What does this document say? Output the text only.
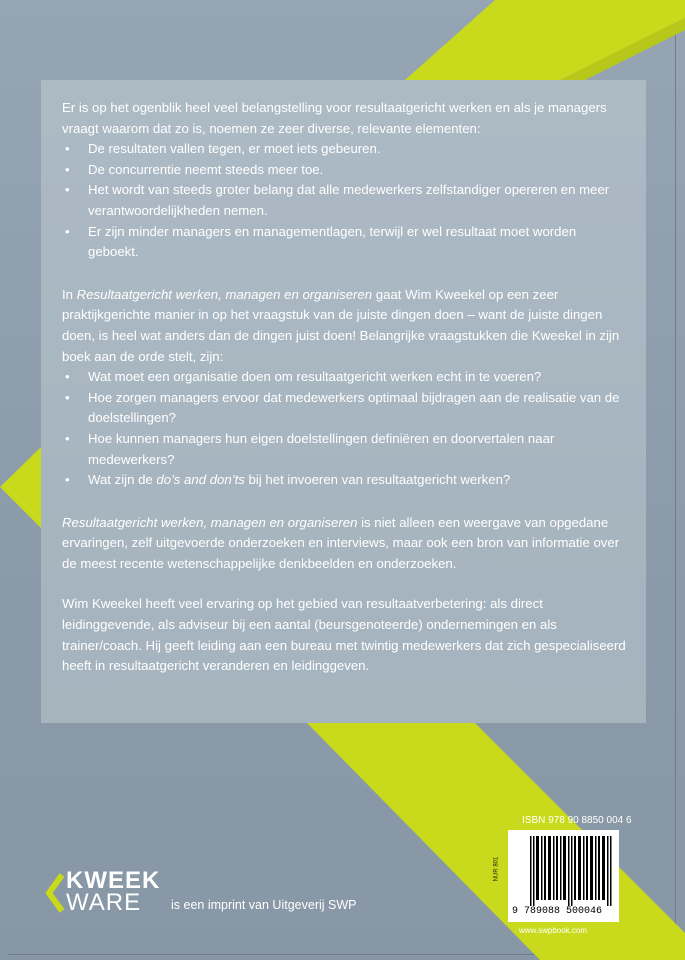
Er is op het ogenblik heel veel belangstelling voor resultaatgericht werken en als je managers vraagt waarom dat zo is, noemen ze zeer diverse, relevante elementen:

• De resultaten vallen tegen, er moet iets gebeuren.
• De concurrentie neemt steeds meer toe.
• Het wordt van steeds groter belang dat alle medewerkers zelfstandiger opereren en meer verantwoordelijkheden nemen.
• Er zijn minder managers en managementlagen, terwijl er wel resultaat moet worden geboekt.

In Resultaatgericht werken, managen en organiseren gaat Wim Kweekel op een zeer praktijkgerichte manier in op het vraagstuk van de juiste dingen doen – want de juiste dingen doen, is heel wat anders dan de dingen juist doen! Belangrijke vraagstukken die Kweekel in zijn boek aan de orde stelt, zijn:

• Wat moet een organisatie doen om resultaatgericht werken echt in te voeren?
• Hoe zorgen managers ervoor dat medewerkers optimaal bijdragen aan de realisatie van de doelstellingen?
• Hoe kunnen managers hun eigen doelstellingen definiëren en doorvertalen naar medewerkers?
• Wat zijn de do’s and don’ts bij het invoeren van resultaatgericht werken?

Resultaatgericht werken, managen en organiseren is niet alleen een weergave van opgedane ervaringen, zelf uitgevoerde onderzoeken en interviews, maar ook een bron van informatie over de meest recente wetenschappelijke denkbeelden en onderzoeken.

Wim Kweekel heeft veel ervaring op het gebied van resultaatverbetering: als direct leidinggevende, als adviseur bij een aantal (beursgenoteerde) ondernemingen en als trainer/coach. Hij geeft leiding aan een bureau met twintig medewerkers dat zich gespecialiseerd heeft in resultaatgericht veranderen en leidinggeven.

KWEEK
WARE is een imprint van Uitgeverij SWP
ISBN 978 90 8850 004 6
NUR 801
9 789088 500046
www.swpbook.com
